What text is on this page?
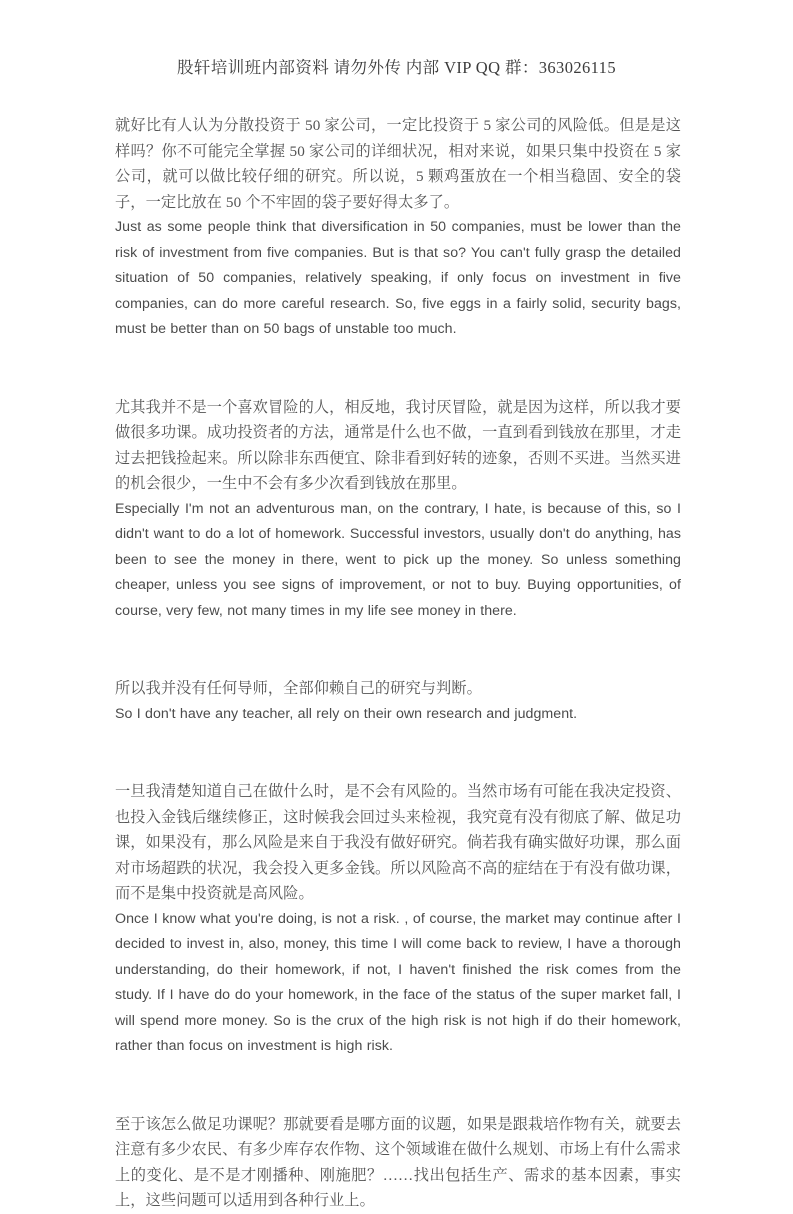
股轩培训班内部资料 请勿外传 内部 VIP QQ 群：363026115

就好比有人认为分散投资于 50 家公司，一定比投资于 5 家公司的风险低。但是是这样吗？你不可能完全掌握 50 家公司的详细状况，相对来说，如果只集中投资在 5 家公司，就可以做比较仔细的研究。所以说，5 颗鸡蛋放在一个相当稳固、安全的袋子，一定比放在 50 个不牢固的袋子要好得太多了。

Just as some people think that diversification in 50 companies, must be lower than the risk of investment from five companies. But is that so? You can't fully grasp the detailed situation of 50 companies, relatively speaking, if only focus on investment in five companies, can do more careful research. So, five eggs in a fairly solid, security bags, must be better than on 50 bags of unstable too much.

尤其我并不是一个喜欢冒险的人，相反地，我讨厌冒险，就是因为这样，所以我才要做很多功课。成功投资者的方法，通常是什么也不做，一直到看到钱放在那里，才走过去把钱捡起来。所以除非东西便宜、除非看到好转的迹象，否则不买进。当然买进的机会很少，一生中不会有多少次看到钱放在那里。

Especially I'm not an adventurous man, on the contrary, I hate, is because of this, so I didn't want to do a lot of homework. Successful investors, usually don't do anything, has been to see the money in there, went to pick up the money. So unless something cheaper, unless you see signs of improvement, or not to buy. Buying opportunities, of course, very few, not many times in my life see money in there.

所以我并没有任何导师，全部仰赖自己的研究与判断。

So I don't have any teacher, all rely on their own research and judgment.

一旦我清楚知道自己在做什么时，是不会有风险的。当然市场有可能在我决定投资、也投入金钱后继续修正，这时候我会回过头来检视，我究竟有没有彻底了解、做足功课，如果没有，那么风险是来自于我没有做好研究。倘若我有确实做好功课，那么面对市场超跌的状况，我会投入更多金钱。所以风险高不高的症结在于有没有做功课，而不是集中投资就是高风险。

Once I know what you're doing, is not a risk. , of course, the market may continue after I decided to invest in, also, money, this time I will come back to review, I have a thorough understanding, do their homework, if not, I haven't finished the risk comes from the study. If I have do do your homework, in the face of the status of the super market fall, I will spend more money. So is the crux of the high risk is not high if do their homework, rather than focus on investment is high risk.

至于该怎么做足功课呢？那就要看是哪方面的议题，如果是跟栽培作物有关，就要去注意有多少农民、有多少库存农作物、这个领域谁在做什么规划、市场上有什么需求上的变化、是不是才刚播种、刚施肥？……找出包括生产、需求的基本因素，事实上，这些问题可以适用到各种行业上。
